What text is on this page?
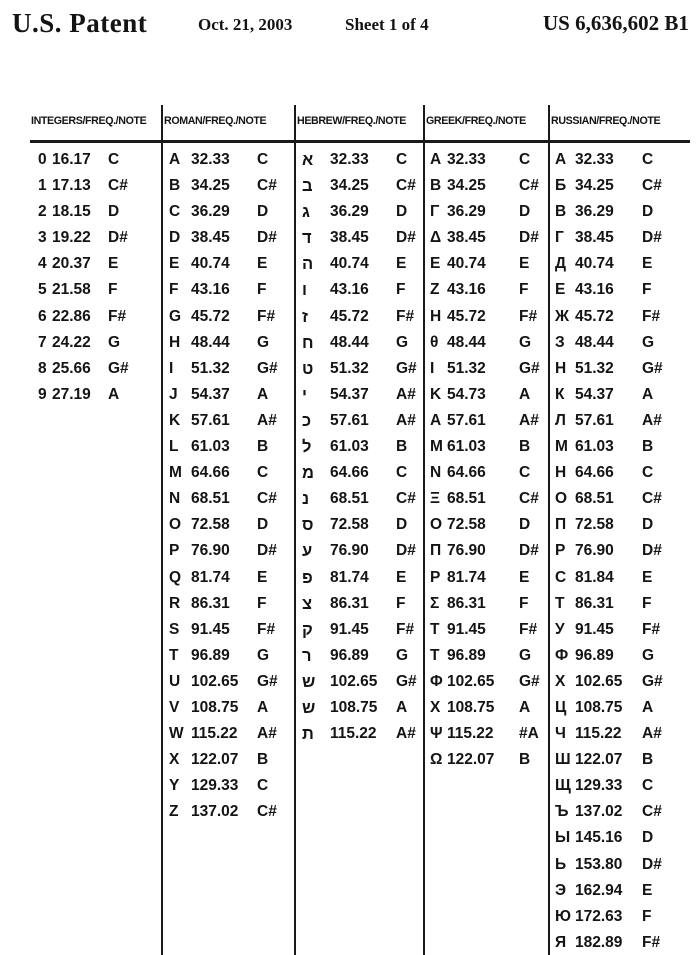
U.S. Patent	Oct. 21, 2003	Sheet 1 of 4	US 6,636,602 B1
INTEGERS/FREQ./NOTE
0 16.17	C
1 17.13	C#
2 18.15	D
3 19.22	D#
4 20.37	E
5 21.58	F
6 22.86	F#
7 24.22	G
8 25.66	G#
9 27.19	A
ROMAN/FREQ./NOTE
A 32.33	C
B 34.25	C#
C 36.29	D
D 38.45	D#
E 40.74	E
F 43.16	F
G 45.72	F#
H 48.44	G
I	51.32	G#
J 54.37	A
K 57.61	A#
L 61.03	B
M 64.66	C
N 68.51	C#
O 72.58	D
P 76.90	D#
Q 81.74	E
R 86.31	F
S 91.45	F#
T 96.89	G
U 102.65	G#
V 108.75	A
W 115.22	A#
X 122.07	B
Y 129.33	C
Z 137.02	C#
HEBREW/FREQ./NOTE
א	32.33	C
ב	34.25	C#
ג	36.29	D
ד	38.45	D#
ה	40.74	E
ו	43.16	F
ז	45.72	F#
ח	48.44	G
ט	51.32	G#
י	54.37	A#
כ	57.61	A#
ל	61.03	B
מ	64.66	C
נ	68.51	C#
ס	72.58	D
ע	76.90	D#
פ	81.74	E
צ	86.31	F
ק	91.45	F#
ר	96.89	G
ש 102.65	G#
ש 108.75	A
ת	115.22	A#
GREEK/FREQ./NOTE
A 32.33	C
B 34.25	C#
Γ 36.29	D
Δ 38.45	D#
E 40.74	E
Z 43.16	F
H 45.72	F#
θ 48.44	G
I 51.32	G#
K 54.73	A
A 57.61	A#
M 61.03	B
N 64.66	C
Ξ 68.51	C#
O 72.58	D
Π 76.90	D#
P 81.74	E
Σ 86.31	F
T 91.45	F#
T 96.89	G
Φ 102.65	G#
X 108.75	A
Ψ 115.22	#A
Ω 122.07	B
RUSSIAN/FREQ./NOTE
А 32.33	C
Б 34.25	C#
В 36.29	D
Г 38.45	D#
Д 40.74	E
Е 43.16	F
Ж 45.72	F#
З 48.44	G
Н 51.32	G#
К 54.37	A
Л 57.61	A#
М 61.03	B
Н 64.66	C
О 68.51	C#
П 72.58	D
Р 76.90	D#
С 81.84	E
Т 86.31	F
У 91.45	F#
Ф 96.89	G
Х 102.65	G#
Ц 108.75	A
Ч 115.22	A#
Ш 122.07	B
Щ 129.33	C
Ъ 137.02	C#
Ы 145.16	D
Ь 153.80	D#
Э 162.94	E
Ю 172.63	F
Я 182.89	F#
